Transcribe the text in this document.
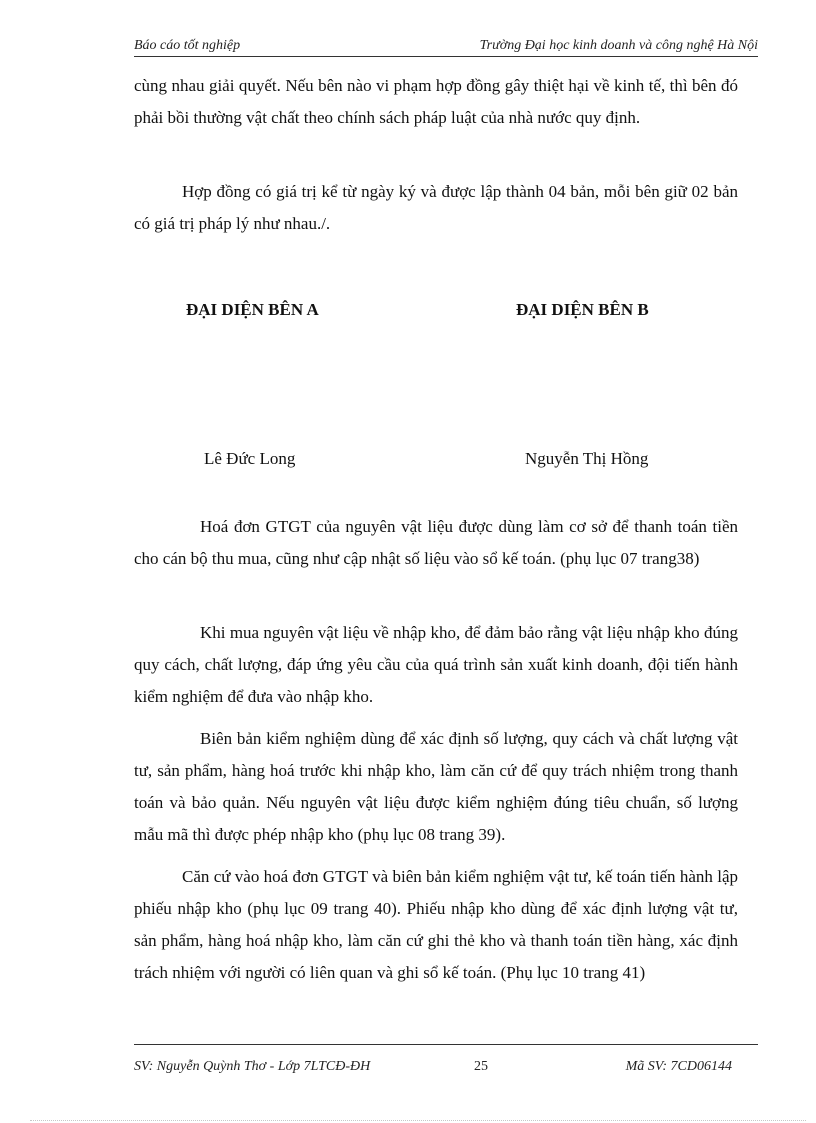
Báo cáo tốt nghiệp	Trường Đại học kinh doanh và công nghệ Hà Nội

cùng nhau giải quyết. Nếu bên nào vi phạm hợp đồng gây thiệt hại về kinh tế, thì bên đó phải bồi thường vật chất theo chính sách pháp luật của nhà nước quy định.

Hợp đồng có giá trị kể từ ngày ký và được lập thành 04 bản, mỗi bên giữ 02 bản có giá trị pháp lý như nhau./.

ĐẠI DIỆN BÊN A	ĐẠI DIỆN BÊN B
Lê Đức Long	Nguyễn Thị Hồng

Hoá đơn GTGT của nguyên vật liệu được dùng làm cơ sở để thanh toán tiền cho cán bộ thu mua, cũng như cập nhật số liệu vào sổ kế toán. (phụ lục 07 trang38)

Khi mua nguyên vật liệu về nhập kho, để đảm bảo rằng vật liệu nhập kho đúng quy cách, chất lượng, đáp ứng yêu cầu của quá trình sản xuất kinh doanh, đội tiến hành kiểm nghiệm để đưa vào nhập kho.

Biên bản kiểm nghiệm dùng để xác định số lượng, quy cách và chất lượng vật tư, sản phẩm, hàng hoá trước khi nhập kho, làm căn cứ để quy trách nhiệm trong thanh toán và bảo quản. Nếu nguyên vật liệu được kiểm nghiệm đúng tiêu chuẩn, số lượng mẫu mã thì được phép nhập kho (phụ lục 08 trang 39).

Căn cứ vào hoá đơn GTGT và biên bản kiểm nghiệm vật tư, kế toán tiến hành lập phiếu nhập kho (phụ lục 09 trang 40). Phiếu nhập kho dùng để xác định lượng vật tư, sản phẩm, hàng hoá nhập kho, làm căn cứ ghi thẻ kho và thanh toán tiền hàng, xác định trách nhiệm với người có liên quan và ghi sổ kế toán. (Phụ lục 10 trang 41)

SV: Nguyễn Quỳnh Thơ - Lớp 7LTCĐ-ĐH	25	Mã SV: 7CD06144
